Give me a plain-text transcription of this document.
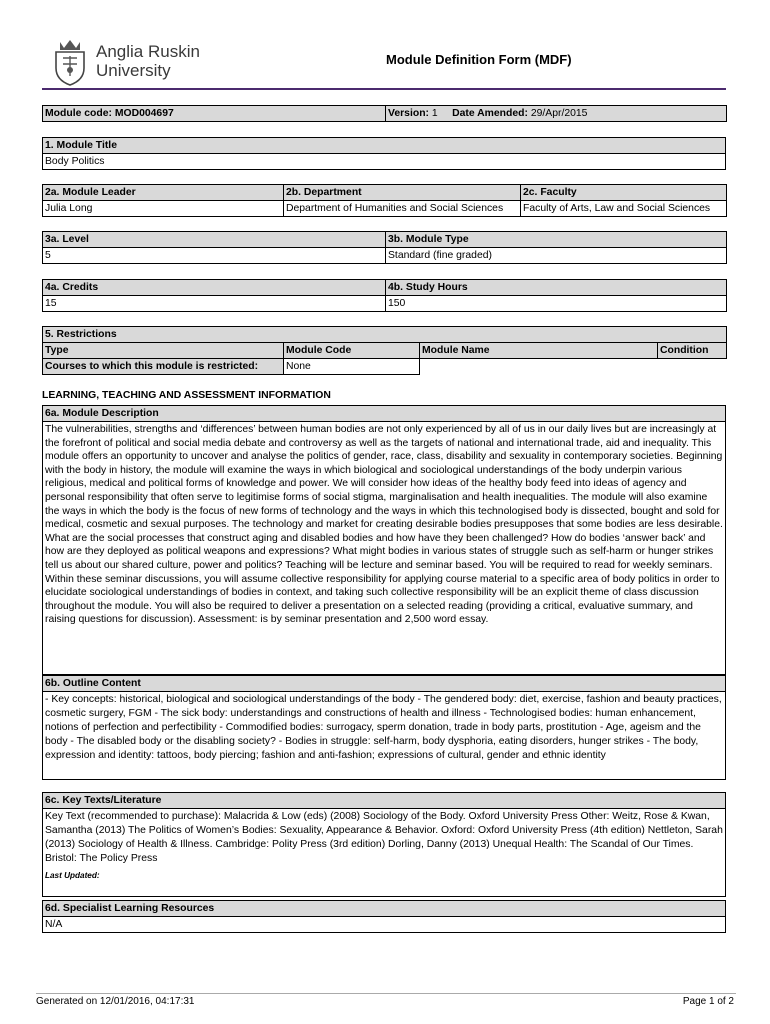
Anglia Ruskin
University
Module Definition Form (MDF)
Module code: MOD004697	Version: 1 Date Amended: 29/Apr/2015
1. Module Title
Body Politics
2a. Module Leader	2b. Department	2c. Faculty
Julia Long	Department of Humanities and Social Sciences	Faculty of Arts, Law and Social Sciences
3a. Level	3b. Module Type
5	Standard (fine graded)
4a. Credits	4b. Study Hours
15	150
5. Restrictions			
Type	Module Code	Module Name	Condition
Courses to which this module is restricted:	None		
LEARNING, TEACHING AND ASSESSMENT INFORMATION
6a. Module Description
The vulnerabilities, strengths and ‘differences’ between human bodies are not only experienced by all of us in our daily lives but are increasingly at the forefront of political and social media debate and controversy as well as the targets of national and international trade, aid and inequality. This module offers an opportunity to uncover and analyse the politics of gender, race, class, disability and sexuality in contemporary societies. Beginning with the body in history, the module will examine the ways in which biological and sociological understandings of the body underpin various religious, medical and political forms of knowledge and power. We will consider how ideas of the healthy body feed into ideas of agency and personal responsibility that often serve to legitimise forms of social stigma, marginalisation and health inequalities. The module will also examine the ways in which the body is the focus of new forms of technology and the ways in which this technologised body is dissected, bought and sold for medical, cosmetic and sexual purposes. The technology and market for creating desirable bodies presupposes that some bodies are less desirable. What are the social processes that construct aging and disabled bodies and how have they been challenged? How do bodies ‘answer back’ and how are they deployed as political weapons and expressions? What might bodies in various states of struggle such as self-harm or hunger strikes tell us about our shared culture, power and politics? Teaching will be lecture and seminar based. You will be required to read for weekly seminars. Within these seminar discussions, you will assume collective responsibility for applying course material to a specific area of body politics in order to elucidate sociological understandings of bodies in context, and taking such collective responsibility will be an explicit theme of class discussion throughout the module. You will also be required to deliver a presentation on a selected reading (providing a critical, evaluative summary, and raising questions for discussion). Assessment: is by seminar presentation and 2,500 word essay.
6b. Outline Content
- Key concepts: historical, biological and sociological understandings of the body - The gendered body: diet, exercise, fashion and beauty practices, cosmetic surgery, FGM - The sick body: understandings and constructions of health and illness - Technologised bodies: human enhancement, notions of perfection and perfectibility - Commodified bodies: surrogacy, sperm donation, trade in body parts, prostitution - Age, ageism and the body - The disabled body or the disabling society? - Bodies in struggle: self-harm, body dysphoria, eating disorders, hunger strikes - The body, expression and identity: tattoos, body piercing; fashion and anti-fashion; expressions of cultural, gender and ethnic identity
6c. Key Texts/Literature
Key Text (recommended to purchase): Malacrida & Low (eds) (2008) Sociology of the Body. Oxford University Press Other: Weitz, Rose & Kwan, Samantha (2013) The Politics of Women’s Bodies: Sexuality, Appearance & Behavior. Oxford: Oxford University Press (4th edition) Nettleton, Sarah (2013) Sociology of Health & Illness. Cambridge: Polity Press (3rd edition) Dorling, Danny (2013) Unequal Health: The Scandal of Our Times. Bristol: The Policy Press
Last Updated:
6d. Specialist Learning Resources
N/A
Generated on 12/01/2016, 04:17:31	Page 1 of 2
